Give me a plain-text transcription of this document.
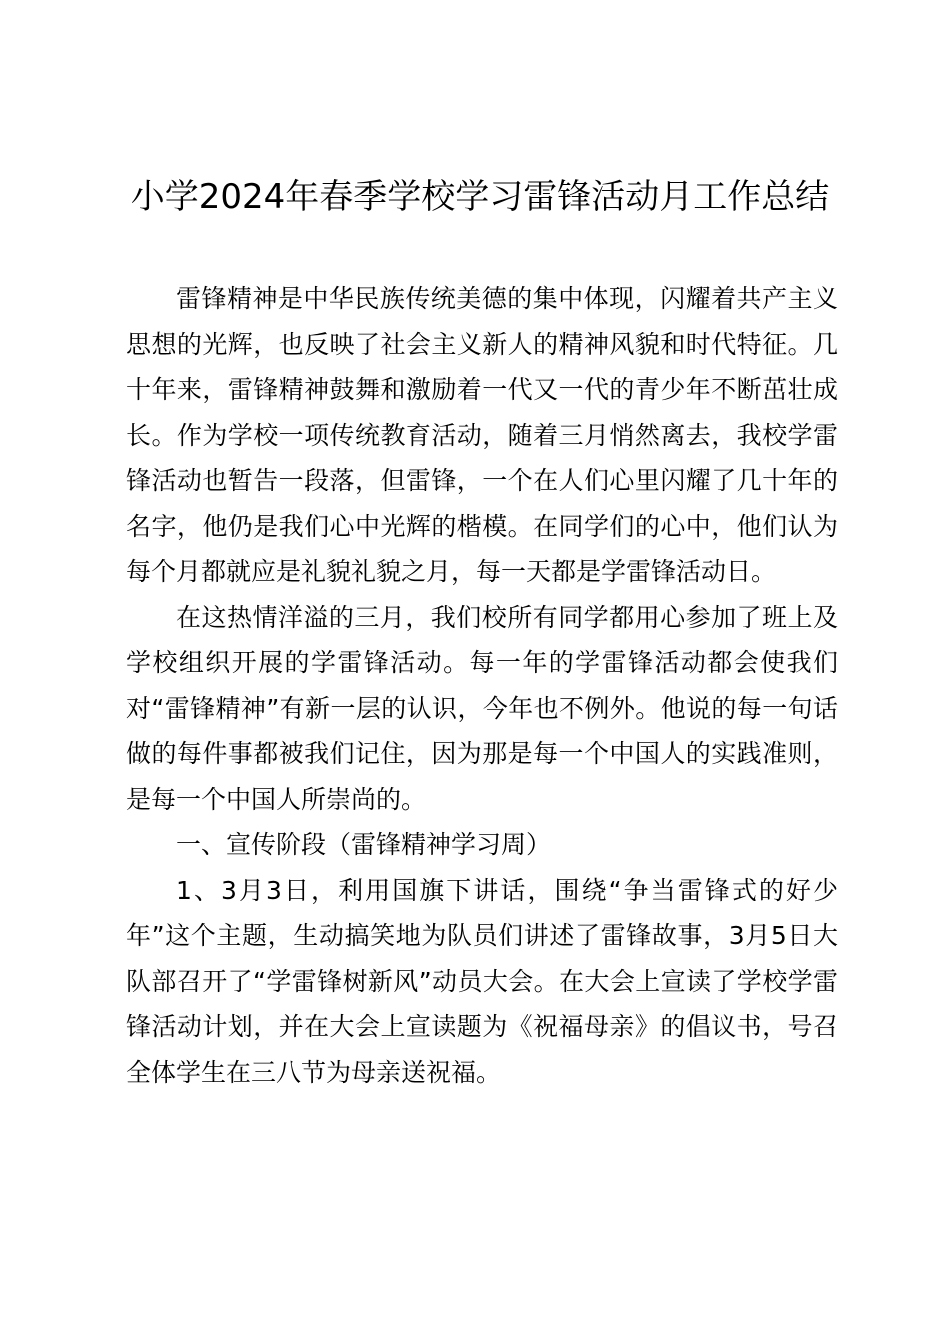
小学2024年春季学校学习雷锋活动月工作总结

雷锋精神是中华民族传统美德的集中体现，闪耀着共产主义思想的光辉，也反映了社会主义新人的精神风貌和时代特征。几十年来，雷锋精神鼓舞和激励着一代又一代的青少年不断茁壮成长。作为学校一项传统教育活动，随着三月悄然离去，我校学雷锋活动也暂告一段落，但雷锋，一个在人们心里闪耀了几十年的名字，他仍是我们心中光辉的楷模。在同学们的心中，他们认为每个月都就应是礼貌礼貌之月，每一天都是学雷锋活动日。

在这热情洋溢的三月，我们校所有同学都用心参加了班上及学校组织开展的学雷锋活动。每一年的学雷锋活动都会使我们对“雷锋精神”有新一层的认识，今年也不例外。他说的每一句话做的每件事都被我们记住，因为那是每一个中国人的实践准则，是每一个中国人所崇尚的。

一、宣传阶段（雷锋精神学习周）

1、3月3日，利用国旗下讲话，围绕“争当雷锋式的好少年”这个主题，生动搞笑地为队员们讲述了雷锋故事，3月5日大队部召开了“学雷锋树新风”动员大会。在大会上宣读了学校学雷锋活动计划，并在大会上宣读题为《祝福母亲》的倡议书，号召全体学生在三八节为母亲送祝福。
